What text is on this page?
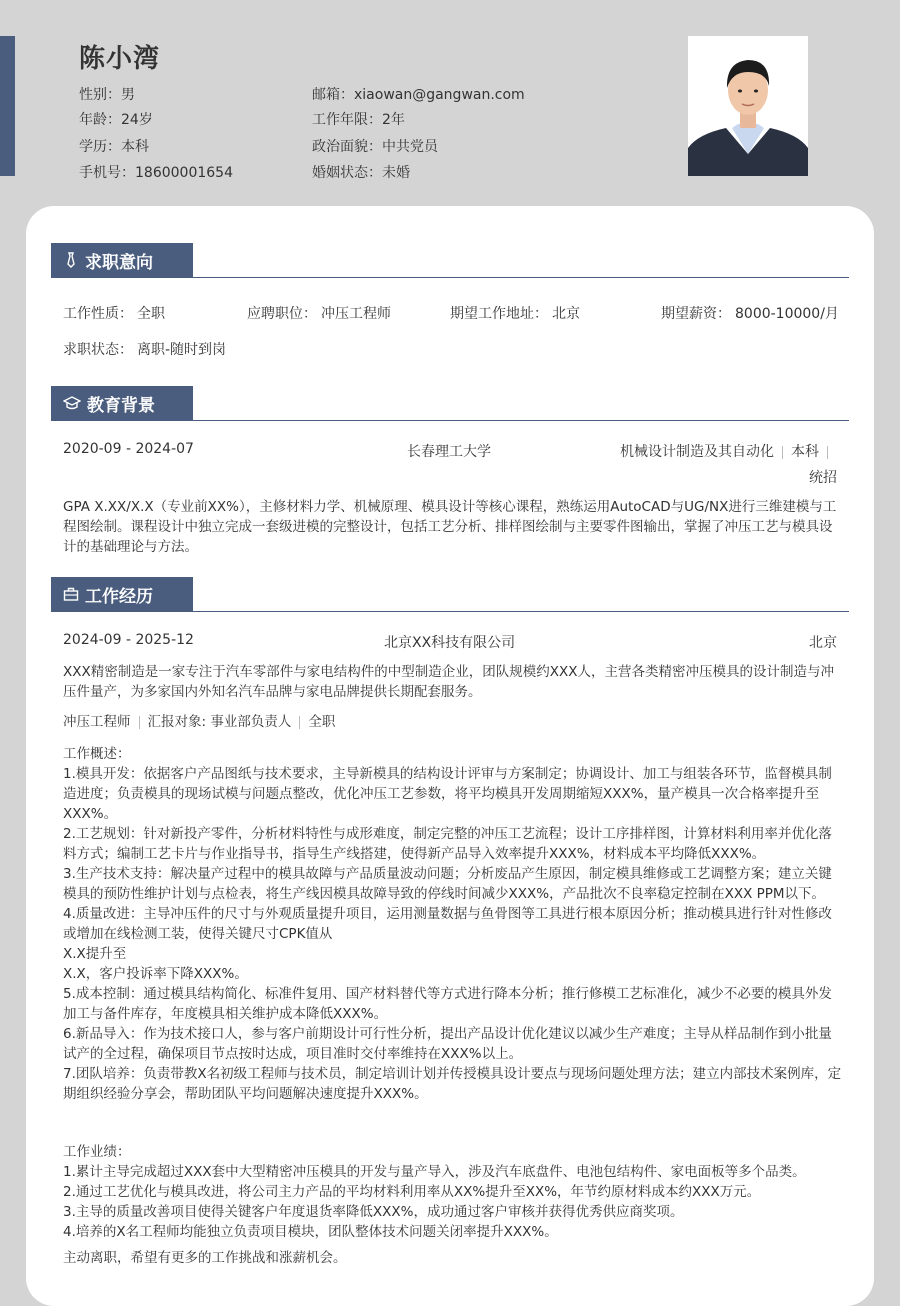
陈小湾
性别：男
年龄：24岁
学历：本科
手机号：18600001654
邮箱：xiaowan@gangwan.com
工作年限：2年
政治面貌：中共党员
婚姻状态：未婚
求职意向
工作性质： 全职	应聘职位： 冲压工程师	期望工作地址： 北京	期望薪资： 8000-10000/月
求职状态： 离职-随时到岗
教育背景
2020-09 - 2024-07	长春理工大学	机械设计制造及其自动化 本科
统招
GPA X.XX/X.X（专业前XX%），主修材料力学、机械原理、模具设计等核心课程，熟练运用AutoCAD与UG/NX进行三维建模与工程图绘制。课程设计中独立完成一套级进模的完整设计，包括工艺分析、排样图绘制与主要零件图输出，掌握了冲压工艺与模具设计的基础理论与方法。
工作经历
2024-09 - 2025-12	北京XX科技有限公司	北京
XXX精密制造是一家专注于汽车零部件与家电结构件的中型制造企业，团队规模约XXX人，主营各类精密冲压模具的设计制造与冲压件量产，为多家国内外知名汽车品牌与家电品牌提供长期配套服务。
冲压工程师 汇报对象: 事业部负责人 全职
工作概述：
1.模具开发：依据客户产品图纸与技术要求，主导新模具的结构设计评审与方案制定；协调设计、加工与组装各环节，监督模具制造进度；负责模具的现场试模与问题点整改，优化冲压工艺参数，将平均模具开发周期缩短XXX%，量产模具一次合格率提升至XXX%。
2.工艺规划：针对新投产零件，分析材料特性与成形难度，制定完整的冲压工艺流程；设计工序排样图，计算材料利用率并优化落料方式；编制工艺卡片与作业指导书，指导生产线搭建，使得新产品导入效率提升XXX%，材料成本平均降低XXX%。
3.生产技术支持：解决量产过程中的模具故障与产品质量波动问题；分析废品产生原因，制定模具维修或工艺调整方案；建立关键模具的预防性维护计划与点检表，将生产线因模具故障导致的停线时间减少XXX%，产品批次不良率稳定控制在XXX PPM以下。
4.质量改进：主导冲压件的尺寸与外观质量提升项目，运用测量数据与鱼骨图等工具进行根本原因分析；推动模具进行针对性修改或增加在线检测工装，使得关键尺寸CPK值从
X.X提升至
X.X，客户投诉率下降XXX%。
5.成本控制：通过模具结构简化、标准件复用、国产材料替代等方式进行降本分析；推行修模工艺标准化，减少不必要的模具外发加工与备件库存，年度模具相关维护成本降低XXX%。
6.新品导入：作为技术接口人，参与客户前期设计可行性分析，提出产品设计优化建议以减少生产难度；主导从样品制作到小批量试产的全过程，确保项目节点按时达成，项目准时交付率维持在XXX%以上。
7.团队培养：负责带教X名初级工程师与技术员，制定培训计划并传授模具设计要点与现场问题处理方法；建立内部技术案例库，定期组织经验分享会，帮助团队平均问题解决速度提升XXX%。
工作业绩：
1.累计主导完成超过XXX套中大型精密冲压模具的开发与量产导入，涉及汽车底盘件、电池包结构件、家电面板等多个品类。
2.通过工艺优化与模具改进，将公司主力产品的平均材料利用率从XX%提升至XX%，年节约原材料成本约XXX万元。
3.主导的质量改善项目使得关键客户年度退货率降低XXX%，成功通过客户审核并获得优秀供应商奖项。
4.培养的X名工程师均能独立负责项目模块，团队整体技术问题关闭率提升XXX%。
主动离职，希望有更多的工作挑战和涨薪机会。
